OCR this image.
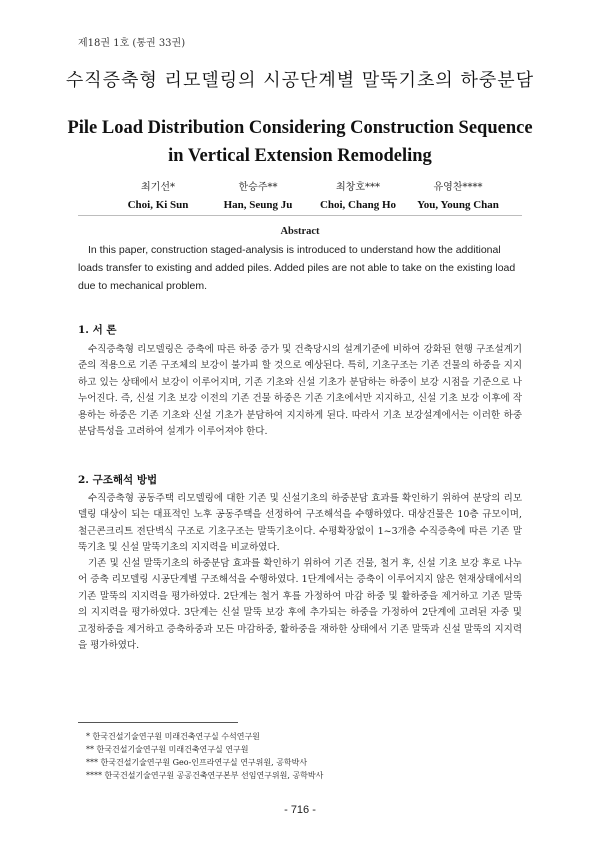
제18권 1호 (통권 33권)
수직증축형 리모델링의 시공단계별 말뚝기초의 하중분담
Pile Load Distribution Considering Construction Sequence in Vertical Extension Remodeling
최기선*
Choi, Ki Sun
한승주**
Han, Seung Ju
최창호***
Choi, Chang Ho
유영찬****
You, Young Chan
Abstract
In this paper, construction staged-analysis is introduced to understand how the additional loads transfer to existing and added piles. Added piles are not able to take on the existing load due to mechanical problem.
1. 서 론
수직증축형 리모델링은 증축에 따른 하중 증가 및 건축당시의 설계기준에 비하여 강화된 현행 구조설계기준의 적용으로 기존 구조체의 보강이 불가피 할 것으로 예상된다. 특히, 기초구조는 기존 건물의 하중을 지지하고 있는 상태에서 보강이 이루어지며, 기존 기초와 신설 기초가 분담하는 하중이 보강 시점을 기준으로 나누어진다. 즉, 신설 기초 보강 이전의 기존 건물 하중은 기존 기초에서만 지지하고, 신설 기초 보강 이후에 작용하는 하중은 기존 기초와 신설 기초가 분담하여 지지하게 된다. 따라서 기초 보강설계에서는 이러한 하중 분담특성을 고려하여 설계가 이루어져야 한다.
2. 구조해석 방법
수직증축형 공동주택 리모델링에 대한 기존 및 신설기초의 하중분담 효과를 확인하기 위하여 분당의 리모델링 대상이 되는 대표적인 노후 공동주택을 선정하여 구조해석을 수행하였다. 대상건물은 10층 규모이며, 철근콘크리트 전단벽식 구조로 기초구조는 말뚝기초이다. 수평확장없이 1~3개층 수직증축에 따른 기존 말뚝기초 및 신설 말뚝기초의 지지력을 비교하였다.
기존 및 신설 말뚝기초의 하중분담 효과를 확인하기 위하여 기존 건물, 철거 후, 신설 기초 보강 후로 나누어 증축 리모델링 시공단계별 구조해석을 수행하였다. 1단계에서는 증축이 이루어지지 않은 현재상태에서의 기존 말뚝의 지지력을 평가하였다. 2단계는 철거 후를 가정하여 마감 하중 및 활하중을 제거하고 기존 말뚝의 지지력을 평가하였다. 3단계는 신설 말뚝 보강 후에 추가되는 하중을 가정하여 2단계에 고려된 자중 및 고정하중을 제거하고 증축하중과 모든 마감하중, 활하중을 재하한 상태에서 기존 말뚝과 신설 말뚝의 지지력을 평가하였다.
* 한국건설기술연구원 미래건축연구실 수석연구원
** 한국건설기술연구원 미래건축연구실 연구원
*** 한국건설기술연구원 Geo-인프라연구실 연구위원, 공학박사
**** 한국건설기술연구원 공공건축연구본부 선임연구위원, 공학박사
- 716 -
